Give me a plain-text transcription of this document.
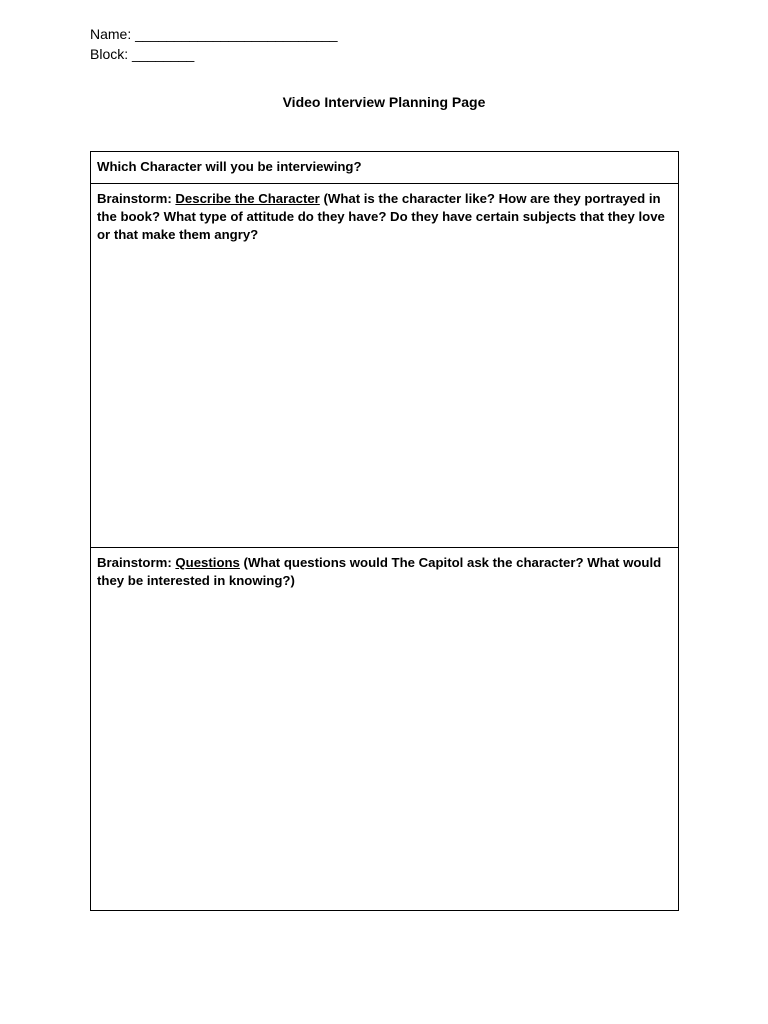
Name: __________________________
Block: ________
Video Interview Planning Page
Which Character will you be interviewing?
Brainstorm: Describe the Character (What is the character like? How are they portrayed in the book? What type of attitude do they have? Do they have certain subjects that they love or that make them angry?
Brainstorm: Questions (What questions would The Capitol ask the character? What would they be interested in knowing?)
